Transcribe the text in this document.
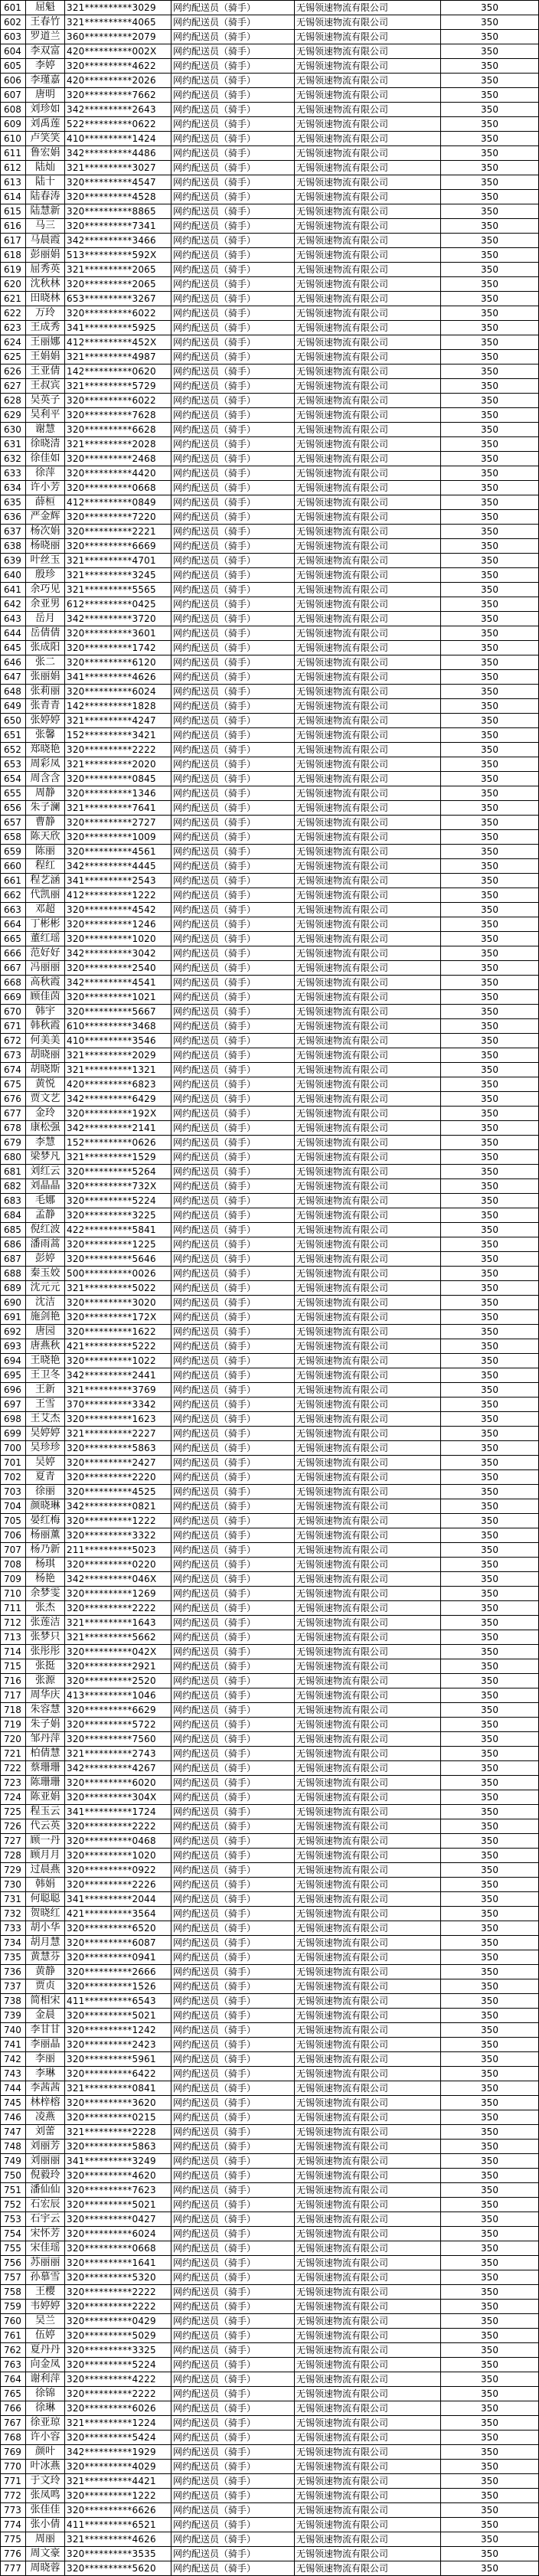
601	屈魁	321**********3029	网约配送员（骑手）	无锡领速物流有限公司	350
602	王春竹	321**********4065	网约配送员（骑手）	无锡领速物流有限公司	350
603	罗道兰	360**********2079	网约配送员（骑手）	无锡领速物流有限公司	350
604	李双富	420**********002X	网约配送员（骑手）	无锡领速物流有限公司	350
605	李婷	320**********4622	网约配送员（骑手）	无锡领速物流有限公司	350
606	李瑾嘉	420**********2026	网约配送员（骑手）	无锡领速物流有限公司	350
607	唐明	320**********7662	网约配送员（骑手）	无锡领速物流有限公司	350
608	刘珍如	342**********2643	网约配送员（骑手）	无锡领速物流有限公司	350
609	刘禹莲	522**********0622	网约配送员（骑手）	无锡领速物流有限公司	350
610	卢笑笑	410**********1424	网约配送员（骑手）	无锡领速物流有限公司	350
611	鲁宏娟	342**********4486	网约配送员（骑手）	无锡领速物流有限公司	350
612	陆灿	321**********3027	网约配送员（骑手）	无锡领速物流有限公司	350
613	陆十	320**********4547	网约配送员（骑手）	无锡领速物流有限公司	350
614	陆春涛	320**********4528	网约配送员（骑手）	无锡领速物流有限公司	350
615	陆慧新	320**********8865	网约配送员（骑手）	无锡领速物流有限公司	350
616	马三	320**********7341	网约配送员（骑手）	无锡领速物流有限公司	350
617	马晨霞	342**********3466	网约配送员（骑手）	无锡领速物流有限公司	350
618	彭丽娟	513**********592X	网约配送员（骑手）	无锡领速物流有限公司	350
619	屈秀英	321**********2065	网约配送员（骑手）	无锡领速物流有限公司	350
620	沈秋林	320**********2065	网约配送员（骑手）	无锡领速物流有限公司	350
621	田晓林	653**********3267	网约配送员（骑手）	无锡领速物流有限公司	350
622	万玲	320**********6022	网约配送员（骑手）	无锡领速物流有限公司	350
623	王成秀	341**********5925	网约配送员（骑手）	无锡领速物流有限公司	350
624	王丽娜	412**********452X	网约配送员（骑手）	无锡领速物流有限公司	350
625	王娟娟	321**********4987	网约配送员（骑手）	无锡领速物流有限公司	350
626	王亚倩	142**********0620	网约配送员（骑手）	无锡领速物流有限公司	350
627	王叔宾	321**********5729	网约配送员（骑手）	无锡领速物流有限公司	350
628	吴英子	320**********6022	网约配送员（骑手）	无锡领速物流有限公司	350
629	吴利平	320**********7628	网约配送员（骑手）	无锡领速物流有限公司	350
630	谢慧	320**********6628	网约配送员（骑手）	无锡领速物流有限公司	350
631	徐晓清	321**********2028	网约配送员（骑手）	无锡领速物流有限公司	350
632	徐佳如	320**********2468	网约配送员（骑手）	无锡领速物流有限公司	350
633	徐萍	320**********4420	网约配送员（骑手）	无锡领速物流有限公司	350
634	许小芳	320**********0668	网约配送员（骑手）	无锡领速物流有限公司	350
635	薛桓	412**********0849	网约配送员（骑手）	无锡领速物流有限公司	350
636	严金辉	320**********7220	网约配送员（骑手）	无锡领速物流有限公司	350
637	杨次娟	320**********2221	网约配送员（骑手）	无锡领速物流有限公司	350
638	杨晓丽	320**********6669	网约配送员（骑手）	无锡领速物流有限公司	350
639	叶丝玉	321**********4701	网约配送员（骑手）	无锡领速物流有限公司	350
640	殷珍	321**********3245	网约配送员（骑手）	无锡领速物流有限公司	350
641	余巧见	321**********5565	网约配送员（骑手）	无锡领速物流有限公司	350
642	余亚男	612**********0425	网约配送员（骑手）	无锡领速物流有限公司	350
643	岳月	342**********3720	网约配送员（骑手）	无锡领速物流有限公司	350
644	岳倩倩	320**********3601	网约配送员（骑手）	无锡领速物流有限公司	350
645	张成阳	320**********1742	网约配送员（骑手）	无锡领速物流有限公司	350
646	张二	320**********6120	网约配送员（骑手）	无锡领速物流有限公司	350
647	张丽娟	341**********4626	网约配送员（骑手）	无锡领速物流有限公司	350
648	张莉丽	320**********6024	网约配送员（骑手）	无锡领速物流有限公司	350
649	张青青	142**********1828	网约配送员（骑手）	无锡领速物流有限公司	350
650	张婷婷	321**********4247	网约配送员（骑手）	无锡领速物流有限公司	350
651	张馨	152**********3421	网约配送员（骑手）	无锡领速物流有限公司	350
652	郑晓艳	320**********2222	网约配送员（骑手）	无锡领速物流有限公司	350
653	周彩凤	321**********2020	网约配送员（骑手）	无锡领速物流有限公司	350
654	周含含	320**********0845	网约配送员（骑手）	无锡领速物流有限公司	350
655	周静	320**********1346	网约配送员（骑手）	无锡领速物流有限公司	350
656	朱子澜	321**********7641	网约配送员（骑手）	无锡领速物流有限公司	350
657	曹静	320**********2727	网约配送员（骑手）	无锡领速物流有限公司	350
658	陈天欣	320**********1009	网约配送员（骑手）	无锡领速物流有限公司	350
659	陈丽	320**********4561	网约配送员（骑手）	无锡领速物流有限公司	350
660	程红	342**********4445	网约配送员（骑手）	无锡领速物流有限公司	350
661	程艺涵	341**********2543	网约配送员（骑手）	无锡领速物流有限公司	350
662	代凯丽	412**********1222	网约配送员（骑手）	无锡领速物流有限公司	350
663	邓超	320**********4542	网约配送员（骑手）	无锡领速物流有限公司	350
664	丁彬彬	320**********1246	网约配送员（骑手）	无锡领速物流有限公司	350
665	董红瑶	320**********1020	网约配送员（骑手）	无锡领速物流有限公司	350
666	范好好	342**********3042	网约配送员（骑手）	无锡领速物流有限公司	350
667	冯丽丽	320**********2540	网约配送员（骑手）	无锡领速物流有限公司	350
668	高秋霞	342**********4541	网约配送员（骑手）	无锡领速物流有限公司	350
669	顾佳茵	320**********1021	网约配送员（骑手）	无锡领速物流有限公司	350
670	韩宇	320**********5667	网约配送员（骑手）	无锡领速物流有限公司	350
671	韩秋霞	610**********3468	网约配送员（骑手）	无锡领速物流有限公司	350
672	何美美	410**********3546	网约配送员（骑手）	无锡领速物流有限公司	350
673	胡晓丽	321**********2029	网约配送员（骑手）	无锡领速物流有限公司	350
674	胡晓斯	321**********1321	网约配送员（骑手）	无锡领速物流有限公司	350
675	黄悦	420**********6823	网约配送员（骑手）	无锡领速物流有限公司	350
676	贾文艺	342**********6429	网约配送员（骑手）	无锡领速物流有限公司	350
677	金玲	320**********192X	网约配送员（骑手）	无锡领速物流有限公司	350
678	康松强	342**********2141	网约配送员（骑手）	无锡领速物流有限公司	350
679	李慧	152**********0626	网约配送员（骑手）	无锡领速物流有限公司	350
680	梁梦凡	321**********1529	网约配送员（骑手）	无锡领速物流有限公司	350
681	刘红云	320**********5264	网约配送员（骑手）	无锡领速物流有限公司	350
682	刘晶晶	320**********732X	网约配送员（骑手）	无锡领速物流有限公司	350
683	毛娜	320**********5224	网约配送员（骑手）	无锡领速物流有限公司	350
684	孟静	320**********3225	网约配送员（骑手）	无锡领速物流有限公司	350
685	倪红波	422**********5841	网约配送员（骑手）	无锡领速物流有限公司	350
686	潘雨蒿	320**********1225	网约配送员（骑手）	无锡领速物流有限公司	350
687	彭婷	320**********5646	网约配送员（骑手）	无锡领速物流有限公司	350
688	秦玉姣	500**********0026	网约配送员（骑手）	无锡领速物流有限公司	350
689	沈元元	321**********5022	网约配送员（骑手）	无锡领速物流有限公司	350
690	沈洁	320**********3020	网约配送员（骑手）	无锡领速物流有限公司	350
691	施剑艳	320**********172X	网约配送员（骑手）	无锡领速物流有限公司	350
692	唐园	320**********1622	网约配送员（骑手）	无锡领速物流有限公司	350
693	唐燕秋	421**********5222	网约配送员（骑手）	无锡领速物流有限公司	350
694	王晓艳	320**********1022	网约配送员（骑手）	无锡领速物流有限公司	350
695	王卫冬	342**********2441	网约配送员（骑手）	无锡领速物流有限公司	350
696	王新	321**********3769	网约配送员（骑手）	无锡领速物流有限公司	350
697	王雪	370**********3342	网约配送员（骑手）	无锡领速物流有限公司	350
698	王艾杰	320**********1623	网约配送员（骑手）	无锡领速物流有限公司	350
699	吴婷婷	321**********2227	网约配送员（骑手）	无锡领速物流有限公司	350
700	吴珍珍	320**********5863	网约配送员（骑手）	无锡领速物流有限公司	350
701	吴婷	320**********2427	网约配送员（骑手）	无锡领速物流有限公司	350
702	夏青	320**********2220	网约配送员（骑手）	无锡领速物流有限公司	350
703	徐丽	320**********4525	网约配送员（骑手）	无锡领速物流有限公司	350
704	颜晓琳	342**********0821	网约配送员（骑手）	无锡领速物流有限公司	350
705	晏红梅	320**********1222	网约配送员（骑手）	无锡领速物流有限公司	350
706	杨丽薰	320**********3322	网约配送员（骑手）	无锡领速物流有限公司	350
707	杨乃新	211**********5023	网约配送员（骑手）	无锡领速物流有限公司	350
708	杨琪	320**********0220	网约配送员（骑手）	无锡领速物流有限公司	350
709	杨艳	342**********046X	网约配送员（骑手）	无锡领速物流有限公司	350
710	余梦雯	320**********1269	网约配送员（骑手）	无锡领速物流有限公司	350
711	张杰	320**********2222	网约配送员（骑手）	无锡领速物流有限公司	350
712	张莲洁	321**********1643	网约配送员（骑手）	无锡领速物流有限公司	350
713	张梦只	321**********5662	网约配送员（骑手）	无锡领速物流有限公司	350
714	张彤彤	320**********042X	网约配送员（骑手）	无锡领速物流有限公司	350
715	张挺	320**********2921	网约配送员（骑手）	无锡领速物流有限公司	350
716	张源	320**********2520	网约配送员（骑手）	无锡领速物流有限公司	350
717	周华庆	413**********1046	网约配送员（骑手）	无锡领速物流有限公司	350
718	朱容慧	320**********6629	网约配送员（骑手）	无锡领速物流有限公司	350
719	朱子娟	320**********5722	网约配送员（骑手）	无锡领速物流有限公司	350
720	邹丹萍	320**********7560	网约配送员（骑手）	无锡领速物流有限公司	350
721	柏倩慧	321**********2743	网约配送员（骑手）	无锡领速物流有限公司	350
722	蔡珊珊	342**********4267	网约配送员（骑手）	无锡领速物流有限公司	350
723	陈珊珊	320**********6020	网约配送员（骑手）	无锡领速物流有限公司	350
724	陈亚娟	320**********304X	网约配送员（骑手）	无锡领速物流有限公司	350
725	程玉云	341**********1724	网约配送员（骑手）	无锡领速物流有限公司	350
726	代云英	320**********2222	网约配送员（骑手）	无锡领速物流有限公司	350
727	顾一丹	320**********0468	网约配送员（骑手）	无锡领速物流有限公司	350
728	顾月月	320**********1020	网约配送员（骑手）	无锡领速物流有限公司	350
729	过晨燕	320**********0922	网约配送员（骑手）	无锡领速物流有限公司	350
730	韩娟	320**********2226	网约配送员（骑手）	无锡领速物流有限公司	350
731	何聪聪	341**********2044	网约配送员（骑手）	无锡领速物流有限公司	350
732	贺晓红	421**********3564	网约配送员（骑手）	无锡领速物流有限公司	350
733	胡小华	320**********6520	网约配送员（骑手）	无锡领速物流有限公司	350
734	胡月慧	320**********6087	网约配送员（骑手）	无锡领速物流有限公司	350
735	黄慧芬	320**********0941	网约配送员（骑手）	无锡领速物流有限公司	350
736	黄静	320**********2666	网约配送员（骑手）	无锡领速物流有限公司	350
737	贾贞	320**********1526	网约配送员（骑手）	无锡领速物流有限公司	350
738	简相宋	411**********6543	网约配送员（骑手）	无锡领速物流有限公司	350
739	金晨	320**********5021	网约配送员（骑手）	无锡领速物流有限公司	350
740	李甘甘	320**********1242	网约配送员（骑手）	无锡领速物流有限公司	350
741	李丽晶	320**********2423	网约配送员（骑手）	无锡领速物流有限公司	350
742	李丽	320**********5961	网约配送员（骑手）	无锡领速物流有限公司	350
743	李琳	320**********6422	网约配送员（骑手）	无锡领速物流有限公司	350
744	李茜茜	321**********0841	网约配送员（骑手）	无锡领速物流有限公司	350
745	林梓榕	320**********3620	网约配送员（骑手）	无锡领速物流有限公司	350
746	凌燕	320**********0215	网约配送员（骑手）	无锡领速物流有限公司	350
747	刘蕾	321**********2228	网约配送员（骑手）	无锡领速物流有限公司	350
748	刘丽芳	320**********5863	网约配送员（骑手）	无锡领速物流有限公司	350
749	刘丽丽	341**********3249	网约配送员（骑手）	无锡领速物流有限公司	350
750	倪毅玲	320**********4620	网约配送员（骑手）	无锡领速物流有限公司	350
751	潘仙仙	320**********7623	网约配送员（骑手）	无锡领速物流有限公司	350
752	石宏辰	320**********5021	网约配送员（骑手）	无锡领速物流有限公司	350
753	石宇云	320**********0427	网约配送员（骑手）	无锡领速物流有限公司	350
754	宋怀芳	320**********6024	网约配送员（骑手）	无锡领速物流有限公司	350
755	宋佳瑶	320**********0668	网约配送员（骑手）	无锡领速物流有限公司	350
756	苏丽丽	320**********1641	网约配送员（骑手）	无锡领速物流有限公司	350
757	孙慕雪	320**********5320	网约配送员（骑手）	无锡领速物流有限公司	350
758	王樱	320**********2222	网约配送员（骑手）	无锡领速物流有限公司	350
759	韦婷婷	320**********2222	网约配送员（骑手）	无锡领速物流有限公司	350
760	吴兰	320**********0429	网约配送员（骑手）	无锡领速物流有限公司	350
761	伍婷	320**********5029	网约配送员（骑手）	无锡领速物流有限公司	350
762	夏丹丹	320**********3325	网约配送员（骑手）	无锡领速物流有限公司	350
763	向金凤	320**********5224	网约配送员（骑手）	无锡领速物流有限公司	350
764	谢利萍	320**********4222	网约配送员（骑手）	无锡领速物流有限公司	350
765	徐锦	320**********2222	网约配送员（骑手）	无锡领速物流有限公司	350
766	徐琳	320**********6026	网约配送员（骑手）	无锡领速物流有限公司	350
767	徐亚琼	321**********1224	网约配送员（骑手）	无锡领速物流有限公司	350
768	许小容	320**********5424	网约配送员（骑手）	无锡领速物流有限公司	350
769	颜叶	342**********1929	网约配送员（骑手）	无锡领速物流有限公司	350
770	叶冰燕	320**********4029	网约配送员（骑手）	无锡领速物流有限公司	350
771	于文玲	321**********4421	网约配送员（骑手）	无锡领速物流有限公司	350
772	张凤鸣	320**********1222	网约配送员（骑手）	无锡领速物流有限公司	350
773	张佳佳	320**********6626	网约配送员（骑手）	无锡领速物流有限公司	350
774	张小倩	411**********6521	网约配送员（骑手）	无锡领速物流有限公司	350
775	周丽	321**********4626	网约配送员（骑手）	无锡领速物流有限公司	350
776	周文豪	320**********3535	网约配送员（骑手）	无锡领速物流有限公司	350
777	周晓蓉	320**********5620	网约配送员（骑手）	无锡领速物流有限公司	350
